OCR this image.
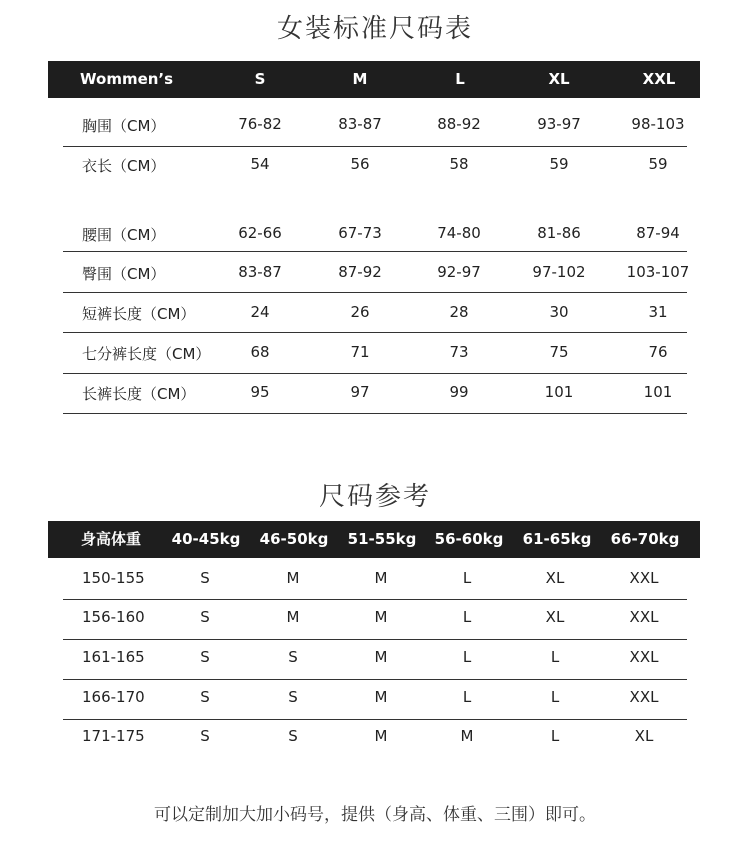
女装标准尺码表
Wommen’s	S	M	L	XL	XXL
胸围（CM）	76-82	83-87	88-92	93-97	98-103
衣长（CM）	54	56	58	59	59
腰围（CM）	62-66	67-73	74-80	81-86	87-94
臀围（CM）	83-87	87-92	92-97	97-102	103-107
短裤长度（CM）	24	26	28	30	31
七分裤长度（CM）	68	71	73	75	76
长裤长度（CM）	95	97	99	101	101
尺码参考
身高体重 40-45kg 46-50kg 51-55kg 56-60kg 61-65kg 66-70kg
150-155	S	M	M	L	XL	XXL
156-160	S	M	M	L	XL	XXL
161-165	S	S	M	L	L	XXL
166-170	S	S	M	L	L	XXL
171-175	S	S	M	M	L	XL
可以定制加大加小码号，提供（身高、体重、三围）即可。
